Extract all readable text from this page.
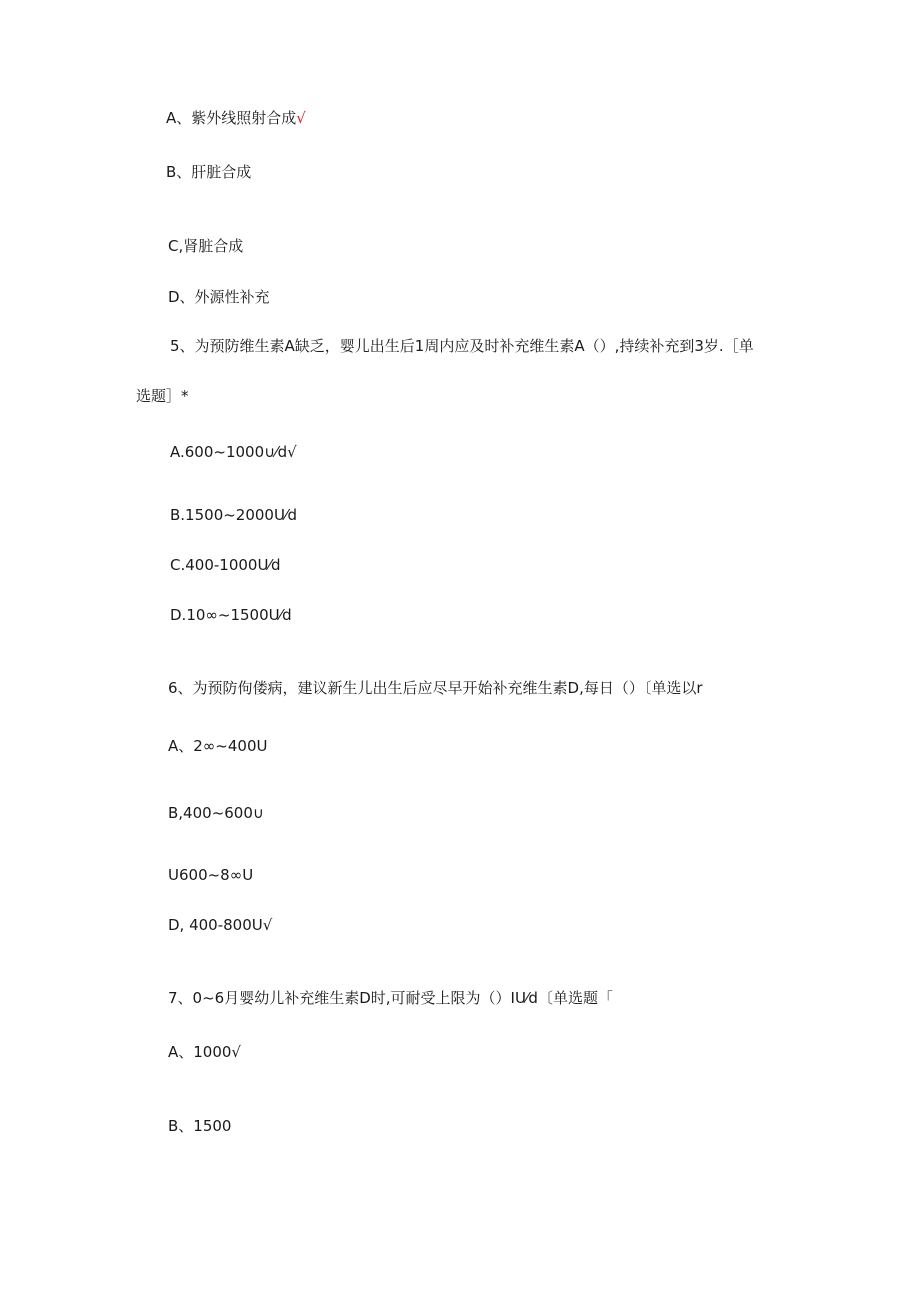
A、紫外线照射合成√
B、肝脏合成
C,肾脏合成
D、外源性补充
5、为预防维生素A缺乏，婴儿出生后1周内应及时补充维生素A（）,持续补充到3岁.［单
选题］*
A.600~1000∪⁄d√
B.1500~2000U⁄d
C.400-1000U⁄d
D.10∞~1500U⁄d
6、为预防佝偻病，建议新生儿出生后应尽早开始补充维生素D,每日（）〔单选以r
A、2∞~400U
B,400~600∪
U600~8∞U
D, 400-800U√
7、0~6月婴幼儿补充维生素D时,可耐受上限为（）IU⁄d〔单选题「
A、1000√
B、1500
